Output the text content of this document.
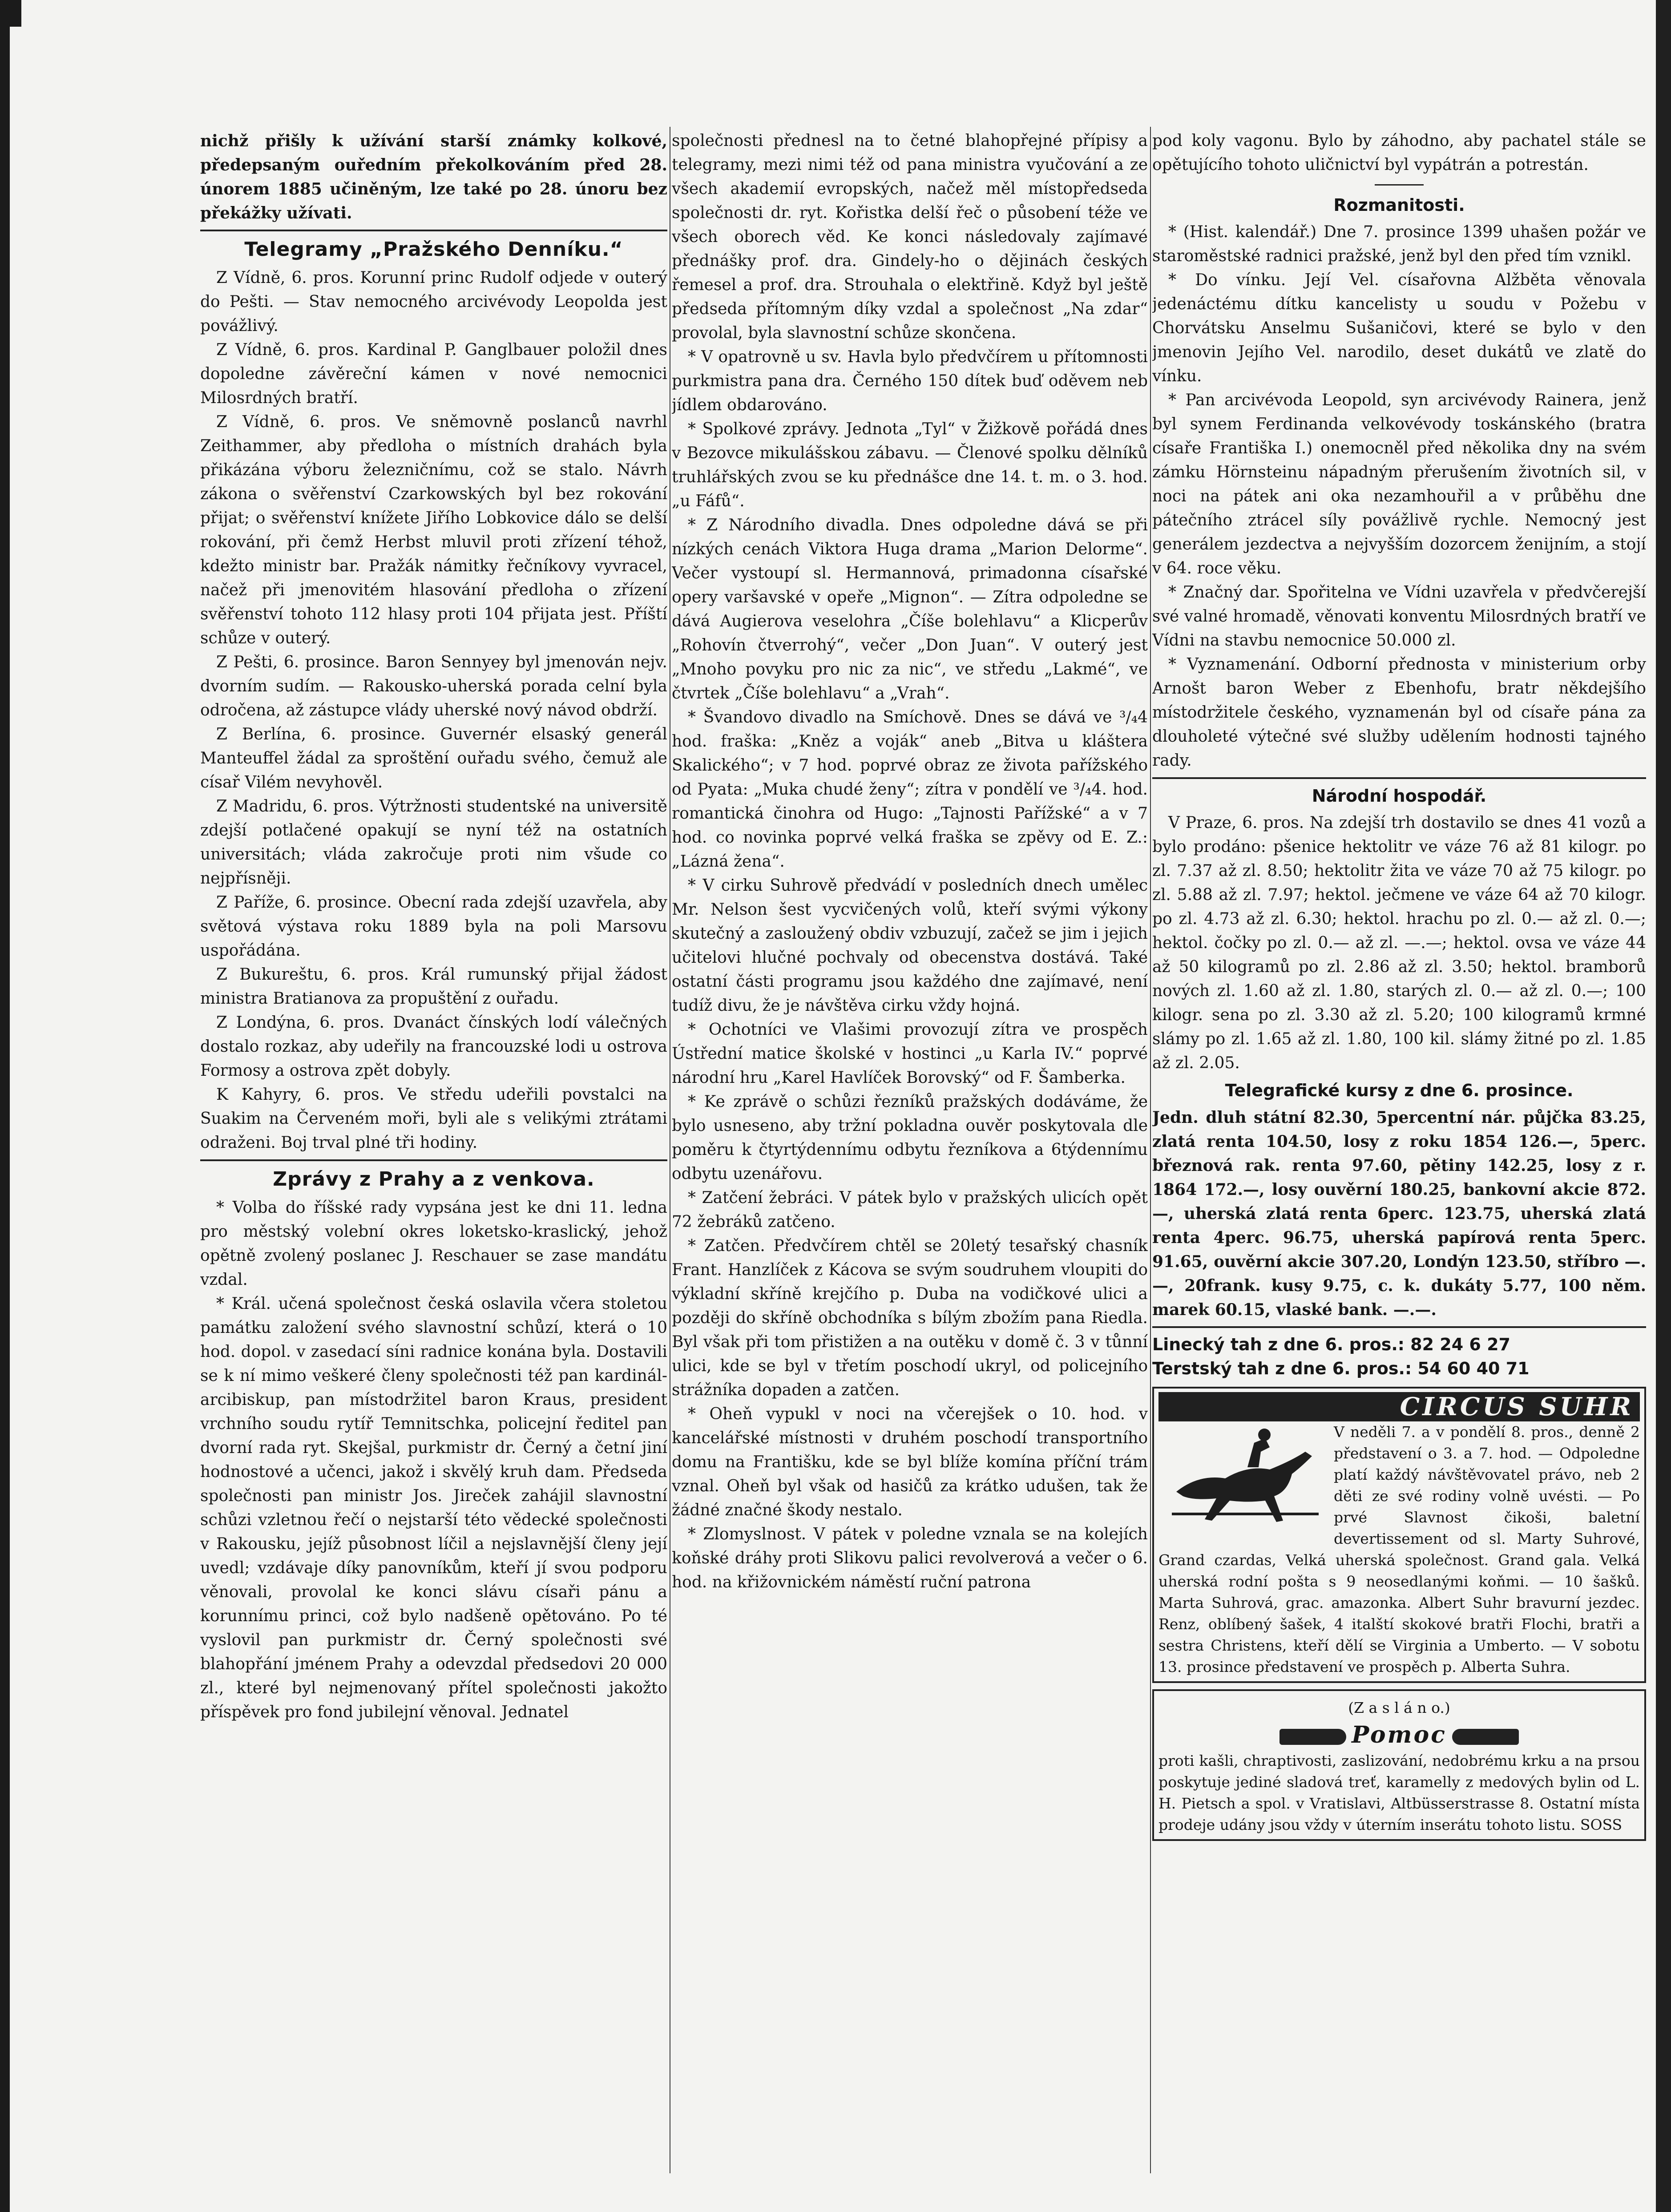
nichž přišly k užívání starší známky kolkové, předepsaným ouředním překolkováním před 28. únorem 1885 učiněným, lze také po 28. únoru bez překážky užívati.

Telegramy „Pražského Denníku.“

Z Vídně, 6. pros. Korunní princ Rudolf odjede v outerý do Pešti. — Stav nemocného arcivévody Leopolda jest povážlivý.

Z Vídně, 6. pros. Kardinal P. Ganglbauer položil dnes dopoledne závěreční kámen v nové nemocnici Milosrdných bratří.

Z Vídně, 6. pros. Ve sněmovně poslanců navrhl Zeithammer, aby předloha o místních drahách byla přikázána výboru železničnímu, což se stalo. Návrh zákona o svěřenství Czarkowských byl bez rokování přijat; o svěřenství knížete Jiřího Lobkovice dálo se delší rokování, při čemž Herbst mluvil proti zřízení téhož, kdežto ministr bar. Pražák námitky řečníkovy vyvracel, načež při jmenovitém hlasování předloha o zřízení svěřenství tohoto 112 hlasy proti 104 přijata jest. Příští schůze v outerý.

Z Pešti, 6. prosince. Baron Sennyey byl jmenován nejv. dvorním sudím. — Rakousko-uherská porada celní byla odročena, až zástupce vlády uherské nový návod obdrží.

Z Berlína, 6. prosince. Guvernér elsaský generál Manteuffel žádal za sproštění ouřadu svého, čemuž ale císař Vilém nevyhověl.

Z Madridu, 6. pros. Výtržnosti studentské na universitě zdejší potlačené opakují se nyní též na ostatních universitách; vláda zakročuje proti nim všude co nejpřísněji.

Z Paříže, 6. prosince. Obecní rada zdejší uzavřela, aby světová výstava roku 1889 byla na poli Marsovu uspořádána.

Z Bukureštu, 6. pros. Král rumunský přijal žádost ministra Bratianova za propuštění z ouřadu.

Z Londýna, 6. pros. Dvanáct čínských lodí válečných dostalo rozkaz, aby udeřily na francouzské lodi u ostrova Formosy a ostrova zpět dobyly.

K Kahyry, 6. pros. Ve středu udeřili povstalci na Suakim na Červeném moři, byli ale s velikými ztrátami odraženi. Boj trval plné tři hodiny.

Zprávy z Prahy a z venkova.

* Volba do říšské rady vypsána jest ke dni 11. ledna pro městský volební okres loketsko-kraslický, jehož opětně zvolený poslanec J. Reschauer se zase mandátu vzdal.

* Král. učená společnost česká oslavila včera stoletou památku založení svého slavnostní schůzí, která o 10 hod. dopol. v zasedací síni radnice konána byla. Dostavili se k ní mimo veškeré členy společnosti též pan kardinál-arcibiskup, pan místodržitel baron Kraus, president vrchního soudu rytíř Temnitschka, policejní ředitel pan dvorní rada ryt. Skejšal, purkmistr dr. Černý a četní jiní hodnostové a učenci, jakož i skvělý kruh dam. Předseda společnosti pan ministr Jos. Jireček zahájil slavnostní schůzi vzletnou řečí o nejstarší této vědecké společnosti v Rakousku, jejíž působnost líčil a nejslavnější členy její uvedl; vzdávaje díky panovníkům, kteří jí svou podporu věnovali, provolal ke konci slávu císaři pánu a korunnímu princi, což bylo nadšeně opětováno. Po té vyslovil pan purkmistr dr. Černý společnosti své blahopřání jménem Prahy a odevzdal předsedovi 20 000 zl., které byl nejmenovaný přítel společnosti jakožto příspěvek pro fond jubilejní věnoval. Jednatel

společnosti přednesl na to četné blahopřejné přípisy a telegramy, mezi nimi též od pana ministra vyučování a ze všech akademií evropských, načež měl místopředseda společnosti dr. ryt. Kořistka delší řeč o působení téže ve všech oborech věd. Ke konci následovaly zajímavé přednášky prof. dra. Gindely-ho o dějinách českých řemesel a prof. dra. Strouhala o elektřině. Když byl ještě předseda přítomným díky vzdal a společnost „Na zdar“ provolal, byla slavnostní schůze skončena.

* V opatrovně u sv. Havla bylo předvčírem u přítomnosti purkmistra pana dra. Černého 150 dítek buď oděvem neb jídlem obdarováno.

* Spolkové zprávy. Jednota „Tyl“ v Žižkově pořádá dnes v Bezovce mikulášskou zábavu. — Členové spolku dělníků truhlářských zvou se ku přednášce dne 14. t. m. o 3. hod. „u Fáfů“.

* Z Národního divadla. Dnes odpoledne dává se při nízkých cenách Viktora Huga drama „Marion Delorme“. Večer vystoupí sl. Hermannová, primadonna císařské opery varšavské v opeře „Mignon“. — Zítra odpoledne se dává Augierova veselohra „Číše bolehlavu“ a Klicperův „Rohovín čtverrohý“, večer „Don Juan“. V outerý jest „Mnoho povyku pro nic za nic“, ve středu „Lakmé“, ve čtvrtek „Číše bolehlavu“ a „Vrah“.

* Švandovo divadlo na Smíchově. Dnes se dává ve ³/₄4 hod. fraška: „Kněz a voják“ aneb „Bitva u kláštera Skalického“; v 7 hod. poprvé obraz ze života pařížského od Pyata: „Muka chudé ženy“; zítra v pondělí ve ³/₄4. hod. romantická činohra od Hugo: „Tajnosti Pařížské“ a v 7 hod. co novinka poprvé velká fraška se zpěvy od E. Z.: „Lázná žena“.

* V cirku Suhrově předvádí v posledních dnech umělec Mr. Nelson šest vycvičených volů, kteří svými výkony skutečný a zasloužený obdiv vzbuzují, začež se jim i jejich učitelovi hlučné pochvaly od obecenstva dostává. Také ostatní části programu jsou každého dne zajímavé, není tudíž divu, že je návštěva cirku vždy hojná.

* Ochotníci ve Vlašimi provozují zítra ve prospěch Ústřední matice školské v hostinci „u Karla IV.“ poprvé národní hru „Karel Havlíček Borovský“ od F. Šamberka.

* Ke zprávě o schůzi řezníků pražských dodáváme, že bylo usneseno, aby tržní pokladna ouvěr poskytovala dle poměru k čtyrtýdennímu odbytu řezníkova a 6týdennímu odbytu uzenářovu.

* Zatčení žebráci. V pátek bylo v pražských ulicích opět 72 žebráků zatčeno.

* Zatčen. Předvčírem chtěl se 20letý tesařský chasník Frant. Hanzlíček z Kácova se svým soudruhem vloupiti do výkladní skříně krejčího p. Duba na vodičkové ulici a později do skříně obchodníka s bílým zbožím pana Riedla. Byl však při tom přistižen a na outěku v domě č. 3 v tůnní ulici, kde se byl v třetím poschodí ukryl, od policejního strážníka dopaden a zatčen.

* Oheň vypukl v noci na včerejšek o 10. hod. v kancelářské místnosti v druhém poschodí transportního domu na Františku, kde se byl blíže komína příční trám vznal. Oheň byl však od hasičů za krátko udušen, tak že žádné značné škody nestalo.

* Zlomyslnost. V pátek v poledne vznala se na kolejích koňské dráhy proti Slikovu palici revolverová a večer o 6. hod. na křižovnickém náměstí ruční patrona

pod koly vagonu. Bylo by záhodno, aby pachatel stále se opětujícího tohoto uličnictví byl vypátrán a potrestán.

Rozmanitosti.

* (Hist. kalendář.) Dne 7. prosince 1399 uhašen požár ve staroměstské radnici pražské, jenž byl den před tím vznikl.

* Do vínku. Její Vel. císařovna Alžběta věnovala jedenáctému dítku kancelisty u soudu v Požebu v Chorvátsku Anselmu Sušaničovi, které se bylo v den jmenovin Jejího Vel. narodilo, deset dukátů ve zlatě do vínku.

* Pan arcivévoda Leopold, syn arcivévody Rainera, jenž byl synem Ferdinanda velkovévody toskánského (bratra císaře Františka I.) onemocněl před několika dny na svém zámku Hörnsteinu nápadným přerušením životních sil, v noci na pátek ani oka nezamhouřil a v průběhu dne pátečního ztrácel síly povážlivě rychle. Nemocný jest generálem jezdectva a nejvyšším dozorcem ženijním, a stojí v 64. roce věku.

* Značný dar. Spořitelna ve Vídni uzavřela v předvčerejší své valné hromadě, věnovati konventu Milosrdných bratří ve Vídni na stavbu nemocnice 50.000 zl.

* Vyznamenání. Odborní přednosta v ministerium orby Arnošt baron Weber z Ebenhofu, bratr někdejšího místodržitele českého, vyznamenán byl od císaře pána za dlouholeté výtečné své služby udělením hodnosti tajného rady.

Národní hospodář.

V Praze, 6. pros. Na zdejší trh dostavilo se dnes 41 vozů a bylo prodáno: pšenice hektolitr ve váze 76 až 81 kilogr. po zl. 7.37 až zl. 8.50; hektolitr žita ve váze 70 až 75 kilogr. po zl. 5.88 až zl. 7.97; hektol. ječmene ve váze 64 až 70 kilogr. po zl. 4.73 až zl. 6.30; hektol. hrachu po zl. 0.— až zl. 0.—; hektol. čočky po zl. 0.— až zl. —.—; hektol. ovsa ve váze 44 až 50 kilogramů po zl. 2.86 až zl. 3.50; hektol. bramborů nových zl. 1.60 až zl. 1.80, starých zl. 0.— až zl. 0.—; 100 kilogr. sena po zl. 3.30 až zl. 5.20; 100 kilogramů krmné slámy po zl. 1.65 až zl. 1.80, 100 kil. slámy žitné po zl. 1.85 až zl. 2.05.

Telegrafické kursy z dne 6. prosince.

Jedn. dluh státní 82.30, 5percentní nár. půjčka 83.25, zlatá renta 104.50, losy z roku 1854 126.—, 5perc. březnová rak. renta 97.60, pětiny 142.25, losy z r. 1864 172.—, losy ouvěrní 180.25, bankovní akcie 872.—, uherská zlatá renta 6perc. 123.75, uherská zlatá renta 4perc. 96.75, uherská papírová renta 5perc. 91.65, ouvěrní akcie 307.20, Londýn 123.50, stříbro —.—, 20frank. kusy 9.75, c. k. dukáty 5.77, 100 něm. marek 60.15, vlaské bank. —.—.

Linecký tah z dne 6. pros.: 82 24 6 27

Terstský tah z dne 6. pros.: 54 60 40 71

CIRCUS SUHR

V neděli 7. a v pondělí 8. pros., denně 2 představení o 3. a 7. hod. — Odpoledne platí každý návštěvovatel právo, neb 2 děti ze své rodiny volně uvésti. — Po prvé Slavnost čikoši, baletní devertissement od sl. Marty Suhrové, Grand czardas, Velká uherská společnost. Grand gala. Velká uherská rodní pošta s 9 neosedlanými koňmi. — 10 šašků. Marta Suhrová, grac. amazonka. Albert Suhr bravurní jezdec. Renz, oblíbený šašek, 4 italští skokové bratři Flochi, bratři a sestra Christens, kteří dělí se Virginia a Umberto. — V sobotu 13. prosince představení ve prospěch p. Alberta Suhra.

(Z a s l á n o.)

Pomoc

proti kašli, chraptivosti, zaslizování, nedobrému krku a na prsou poskytuje jediné sladová treť, karamelly z medových bylin od L. H. Pietsch a spol. v Vratislavi, Altbüsserstrasse 8. Ostatní místa prodeje udány jsou vždy v úterním inserátu tohoto listu. SOSS
